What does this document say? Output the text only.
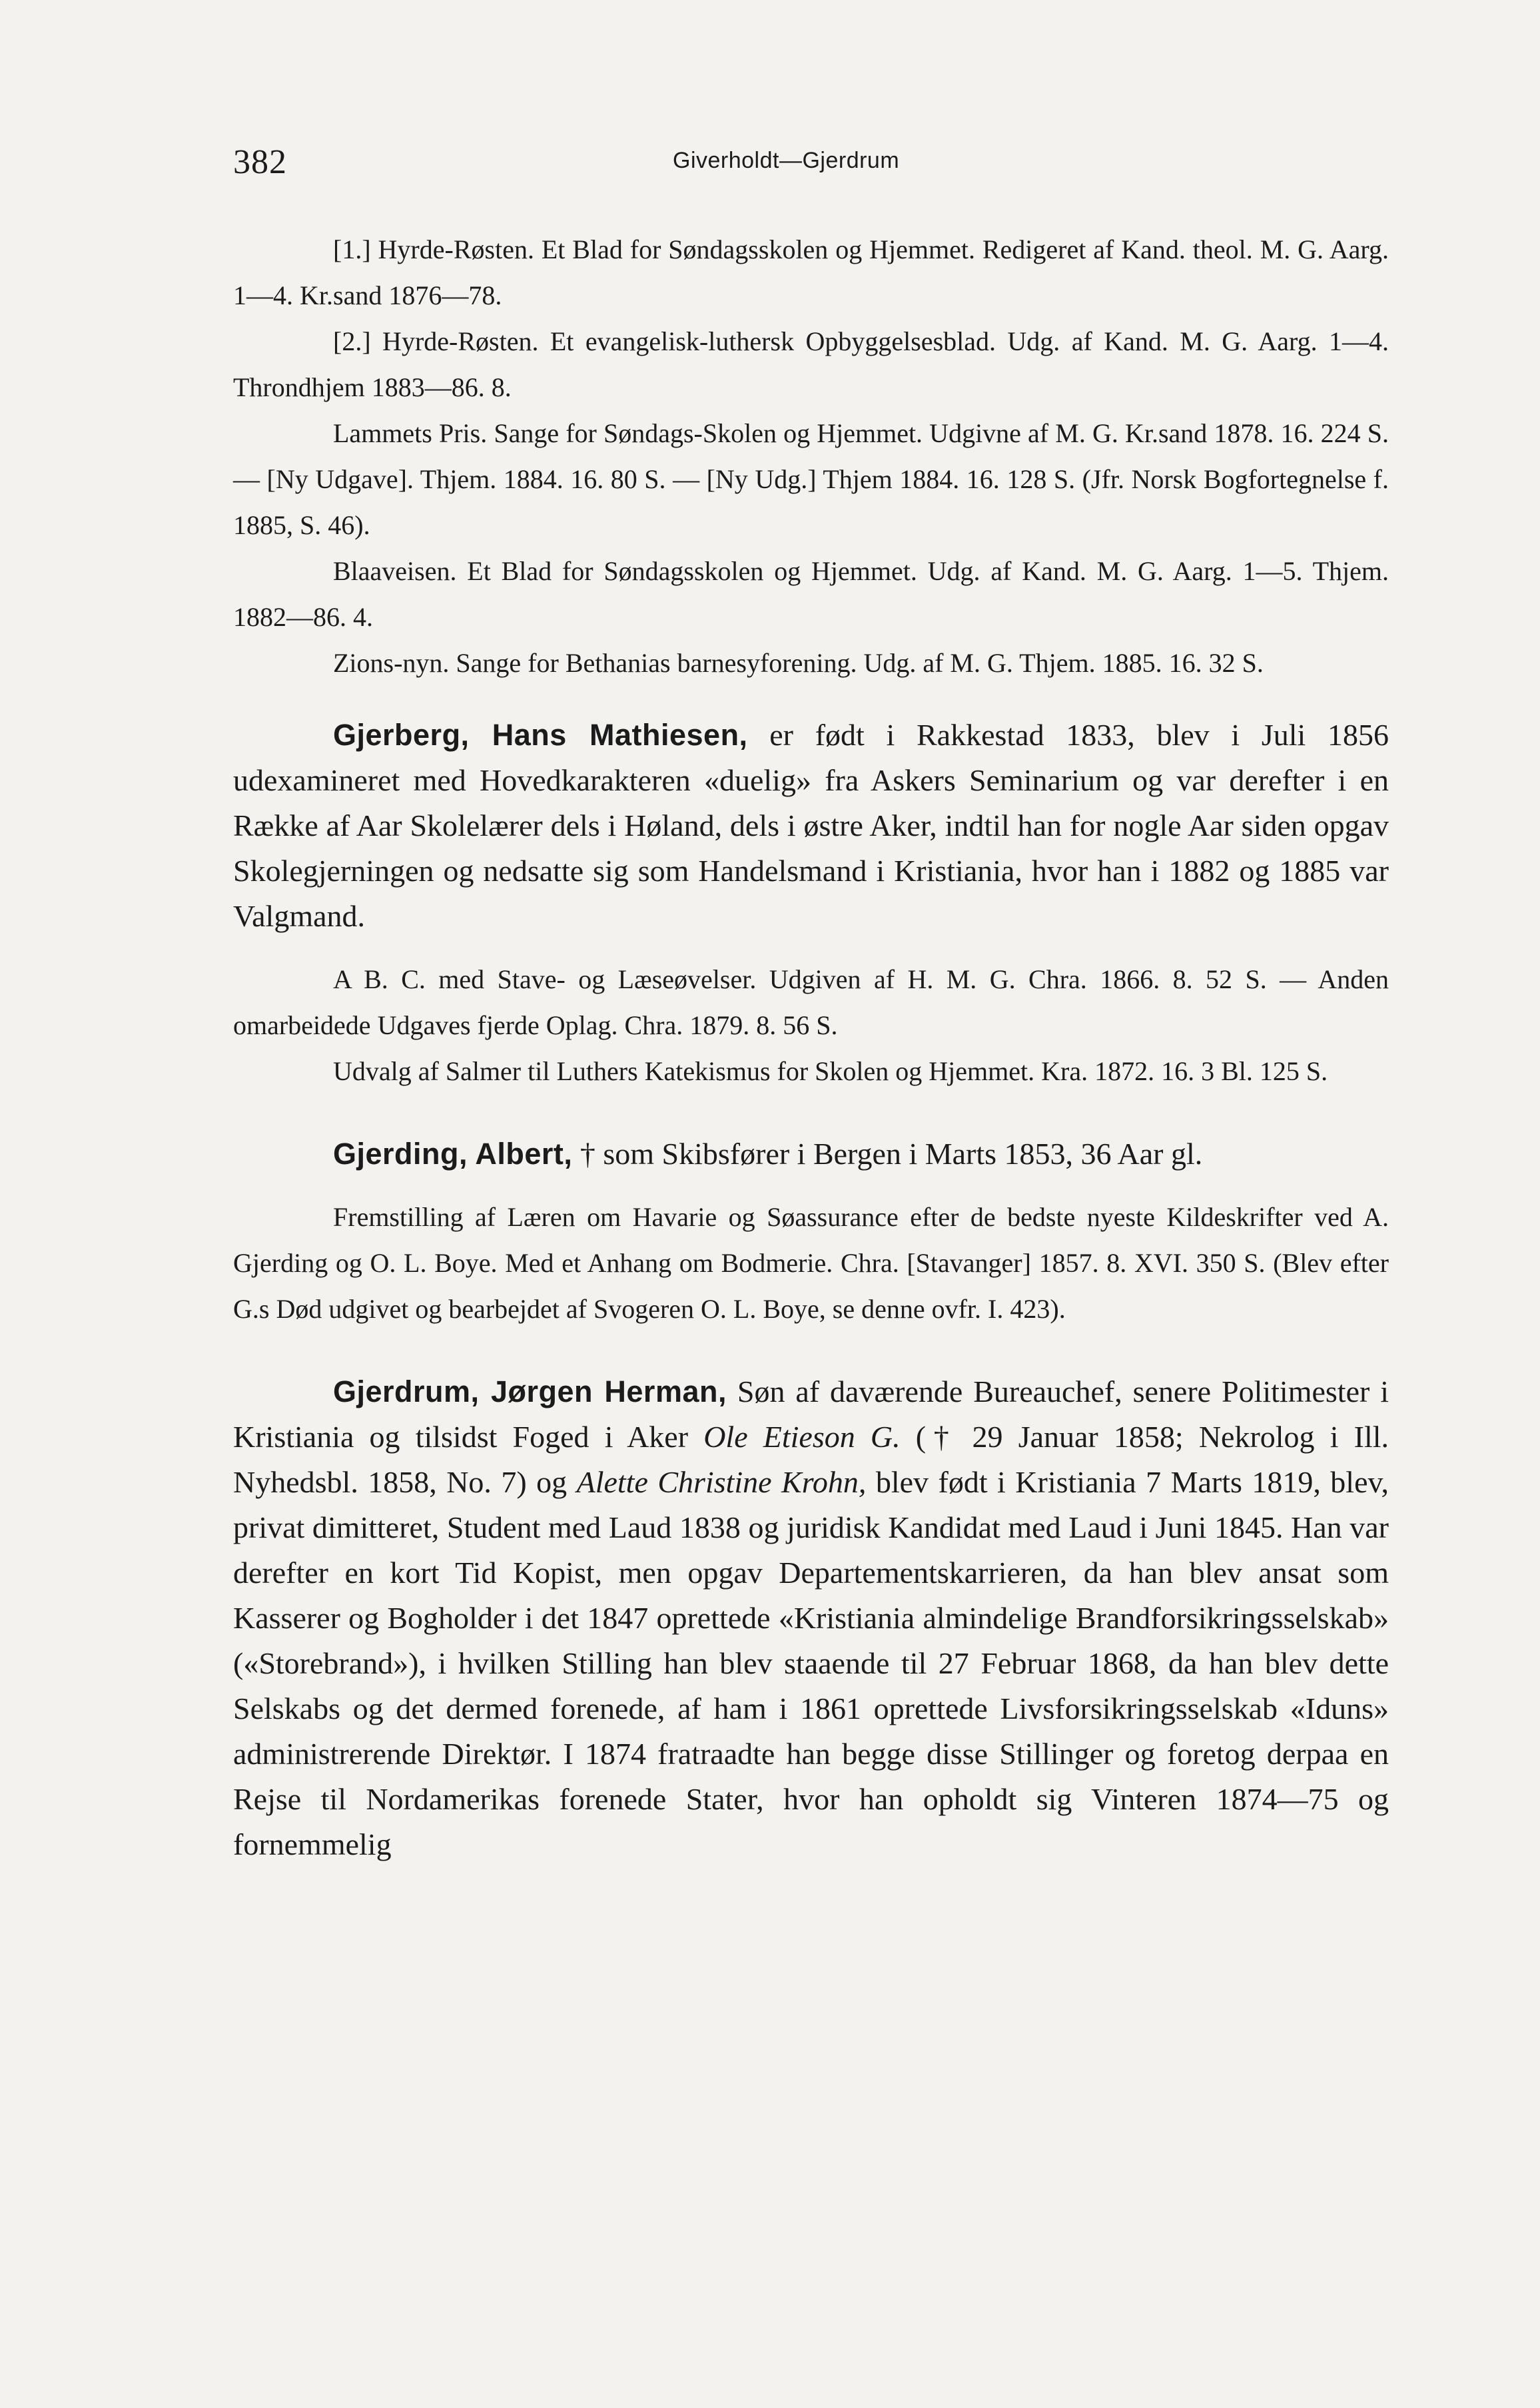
382	Giverholdt—Gjerdrum

[1.] Hyrde-Røsten. Et Blad for Søndagsskolen og Hjemmet. Redigeret af Kand. theol. M. G. Aarg. 1—4. Kr.sand 1876—78.

[2.] Hyrde-Røsten. Et evangelisk-luthersk Opbyggelsesblad. Udg. af Kand. M. G. Aarg. 1—4. Throndhjem 1883—86. 8.

Lammets Pris. Sange for Søndags-Skolen og Hjemmet. Udgivne af M. G. Kr.sand 1878. 16. 224 S. — [Ny Udgave]. Thjem. 1884. 16. 80 S. — [Ny Udg.] Thjem 1884. 16. 128 S. (Jfr. Norsk Bogfortegnelse f. 1885, S. 46).

Blaaveisen. Et Blad for Søndagsskolen og Hjemmet. Udg. af Kand. M. G. Aarg. 1—5. Thjem. 1882—86. 4.

Zions-nyn. Sange for Bethanias barnesyforening. Udg. af M. G. Thjem. 1885. 16. 32 S.

Gjerberg, Hans Mathiesen, er født i Rakkestad 1833, blev i Juli 1856 udexamineret med Hovedkarakteren «duelig» fra Askers Seminarium og var derefter i en Række af Aar Skolelærer dels i Høland, dels i østre Aker, indtil han for nogle Aar siden opgav Skolegjerningen og nedsatte sig som Handelsmand i Kristiania, hvor han i 1882 og 1885 var Valgmand.

A B. C. med Stave- og Læseøvelser. Udgiven af H. M. G. Chra. 1866. 8. 52 S. — Anden omarbeidede Udgaves fjerde Oplag. Chra. 1879. 8. 56 S.

Udvalg af Salmer til Luthers Katekismus for Skolen og Hjemmet. Kra. 1872. 16. 3 Bl. 125 S.

Gjerding, Albert, † som Skibsfører i Bergen i Marts 1853, 36 Aar gl.

Fremstilling af Læren om Havarie og Søassurance efter de bedste nyeste Kildeskrifter ved A. Gjerding og O. L. Boye. Med et Anhang om Bodmerie. Chra. [Stavanger] 1857. 8. XVI. 350 S. (Blev efter G.s Død udgivet og bearbejdet af Svogeren O. L. Boye, se denne ovfr. I. 423).

Gjerdrum, Jørgen Herman, Søn af daværende Bureauchef, senere Politimester i Kristiania og tilsidst Foged i Aker Ole Etieson G. († 29 Januar 1858; Nekrolog i Ill. Nyhedsbl. 1858, No. 7) og Alette Christine Krohn, blev født i Kristiania 7 Marts 1819, blev, privat dimitteret, Student med Laud 1838 og juridisk Kandidat med Laud i Juni 1845. Han var derefter en kort Tid Kopist, men opgav Departementskarrieren, da han blev ansat som Kasserer og Bogholder i det 1847 oprettede «Kristiania almindelige Brandforsikringsselskab» («Storebrand»), i hvilken Stilling han blev staaende til 27 Februar 1868, da han blev dette Selskabs og det dermed forenede, af ham i 1861 oprettede Livsforsikringsselskab «Iduns» administrerende Direktør. I 1874 fratraadte han begge disse Stillinger og foretog derpaa en Rejse til Nordamerikas forenede Stater, hvor han opholdt sig Vinteren 1874—75 og fornemmelig
